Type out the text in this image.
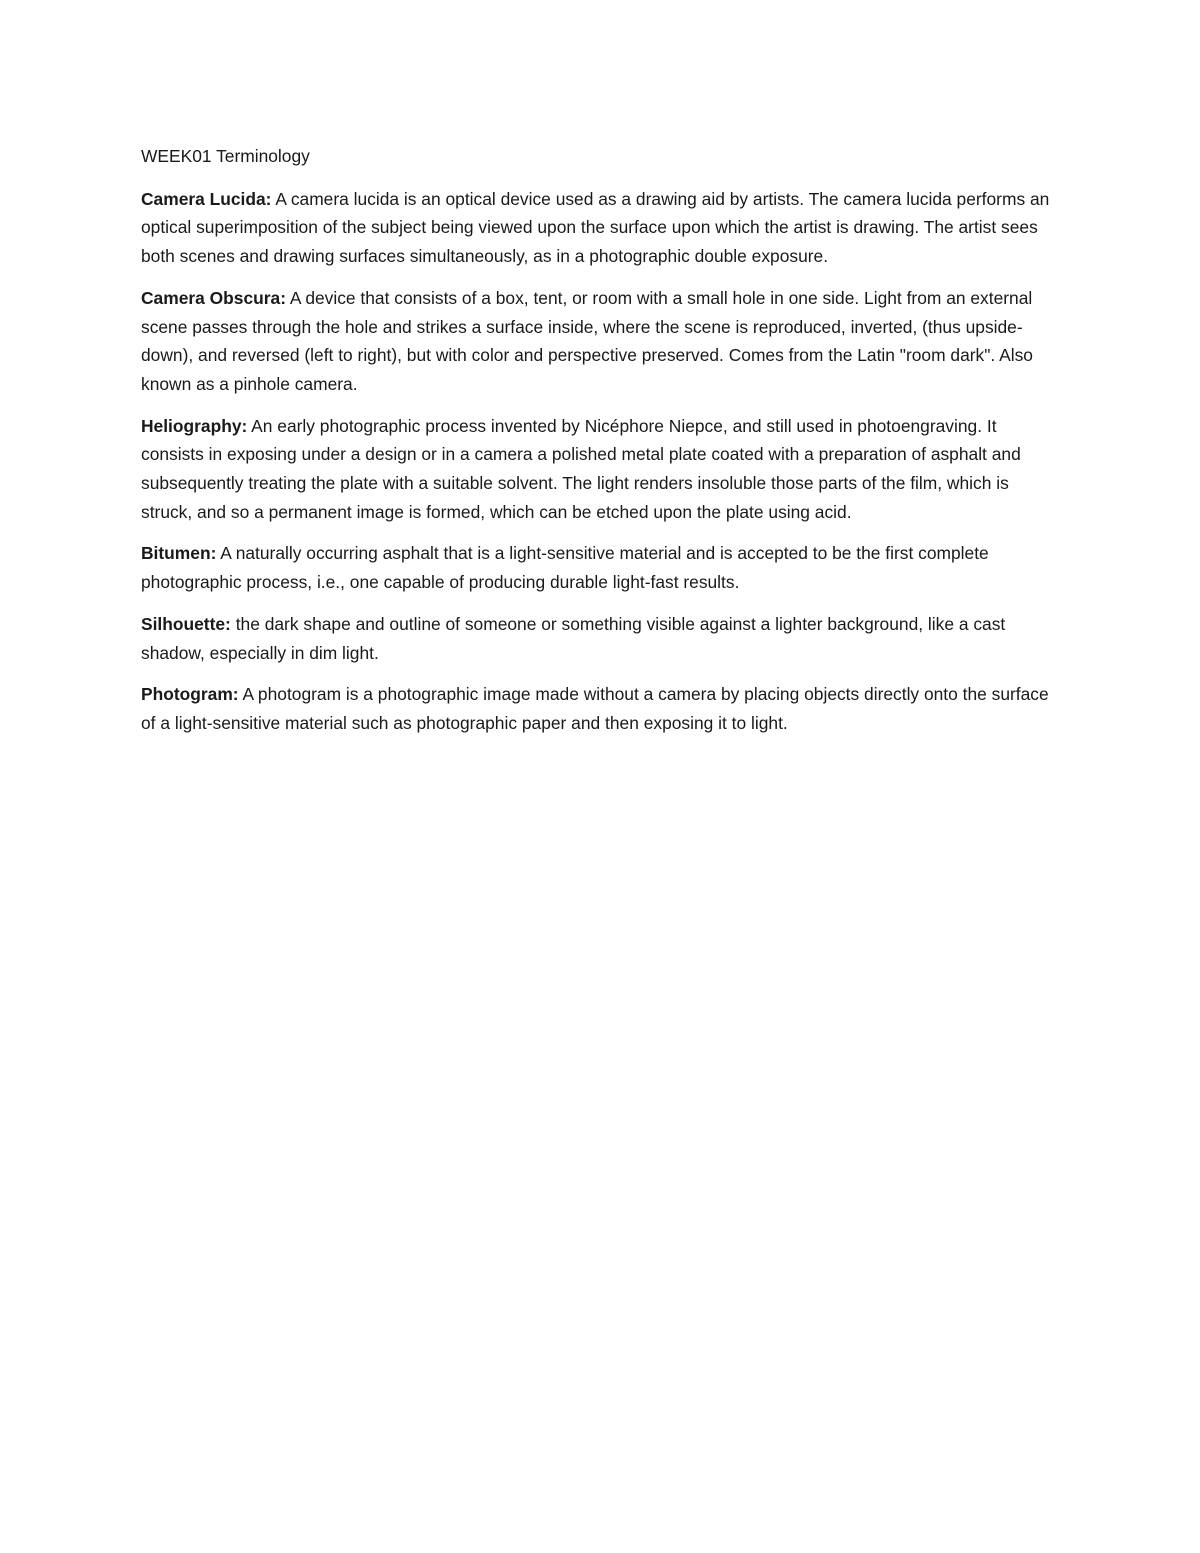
WEEK01 Terminology

Camera Lucida: A camera lucida is an optical device used as a drawing aid by artists. The camera lucida performs an optical superimposition of the subject being viewed upon the surface upon which the artist is drawing. The artist sees both scenes and drawing surfaces simultaneously, as in a photographic double exposure.

Camera Obscura: A device that consists of a box, tent, or room with a small hole in one side. Light from an external scene passes through the hole and strikes a surface inside, where the scene is reproduced, inverted, (thus upside-down), and reversed (left to right), but with color and perspective preserved. Comes from the Latin "room dark". Also known as a pinhole camera.

Heliography: An early photographic process invented by Nicéphore Niepce, and still used in photoengraving. It consists in exposing under a design or in a camera a polished metal plate coated with a preparation of asphalt and subsequently treating the plate with a suitable solvent. The light renders insoluble those parts of the film, which is struck, and so a permanent image is formed, which can be etched upon the plate using acid.

Bitumen: A naturally occurring asphalt that is a light-sensitive material and is accepted to be the first complete photographic process, i.e., one capable of producing durable light-fast results.

Silhouette: the dark shape and outline of someone or something visible against a lighter background, like a cast shadow, especially in dim light.

Photogram: A photogram is a photographic image made without a camera by placing objects directly onto the surface of a light-sensitive material such as photographic paper and then exposing it to light.
